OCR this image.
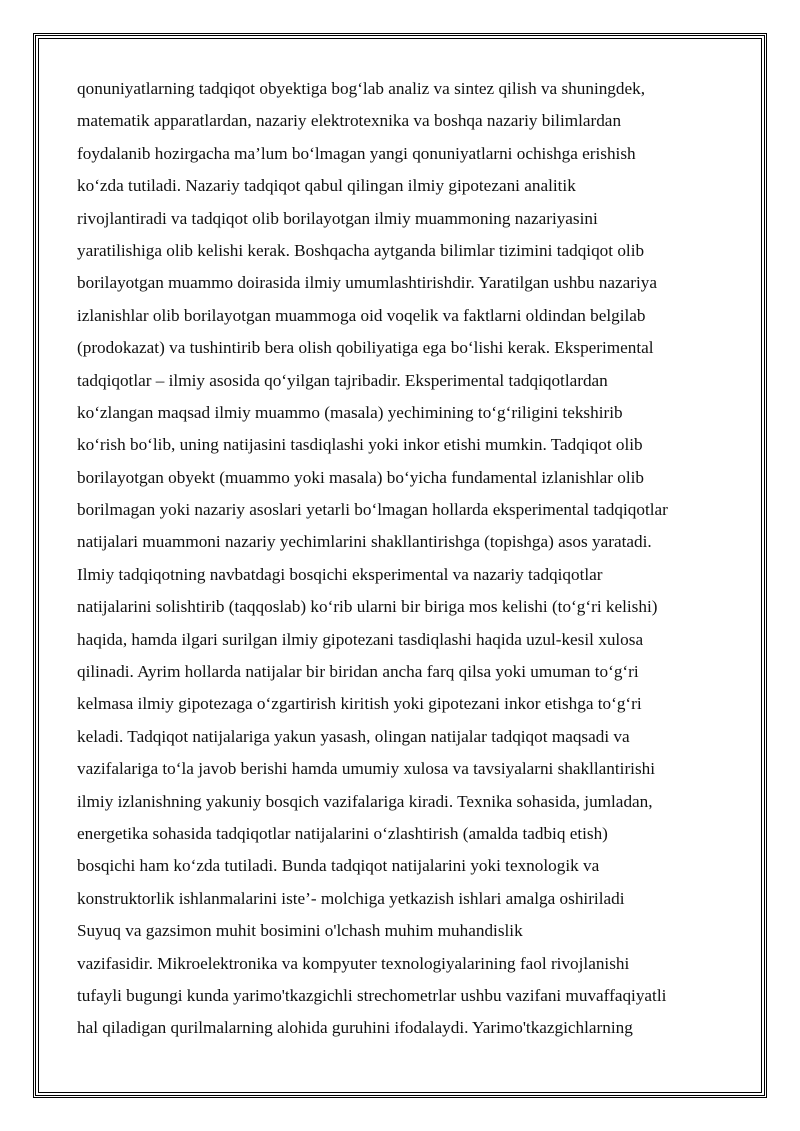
qonuniyatlarning tadqiqot obyektiga bog‘lab analiz va sintez qilish va shuningdek,
matematik apparatlardan, nazariy elektrotexnika va boshqa nazariy bilimlardan
foydalanib hozirgacha ma’lum bo‘lmagan yangi qonuniyatlarni ochishga erishish
ko‘zda tutiladi. Nazariy tadqiqot qabul qilingan ilmiy gipotezani analitik
rivojlantiradi va tadqiqot olib borilayotgan ilmiy muammoning nazariyasini
yaratilishiga olib kelishi kerak. Boshqacha aytganda bilimlar tizimini tadqiqot olib
borilayotgan muammo doirasida ilmiy umumlashtirishdir. Yaratilgan ushbu nazariya
izlanishlar olib borilayotgan muammoga oid voqelik va faktlarni oldindan belgilab
(prodokazat) va tushintirib bera olish qobiliyatiga ega bo‘lishi kerak. Eksperimental
tadqiqotlar – ilmiy asosida qo‘yilgan tajribadir. Eksperimental tadqiqotlardan
ko‘zlangan maqsad ilmiy muammo (masala) yechimining to‘g‘riligini tekshirib
ko‘rish bo‘lib, uning natijasini tasdiqlashi yoki inkor etishi mumkin. Tadqiqot olib
borilayotgan obyekt (muammo yoki masala) bo‘yicha fundamental izlanishlar olib
borilmagan yoki nazariy asoslari yetarli bo‘lmagan hollarda eksperimental tadqiqotlar
natijalari muammoni nazariy yechimlarini shakllantirishga (topishga) asos yaratadi.
Ilmiy tadqiqotning navbatdagi bosqichi eksperimental va nazariy tadqiqotlar
natijalarini solishtirib (taqqoslab) ko‘rib ularni bir biriga mos kelishi (to‘g‘ri kelishi)
haqida, hamda ilgari surilgan ilmiy gipotezani tasdiqlashi haqida uzul-kesil xulosa
qilinadi. Ayrim hollarda natijalar bir biridan ancha farq qilsa yoki umuman to‘g‘ri
kelmasa ilmiy gipotezaga o‘zgartirish kiritish yoki gipotezani inkor etishga to‘g‘ri
keladi. Tadqiqot natijalariga yakun yasash, olingan natijalar tadqiqot maqsadi va
vazifalariga to‘la javob berishi hamda umumiy xulosa va tavsiyalarni shakllantirishi
ilmiy izlanishning yakuniy bosqich vazifalariga kiradi. Texnika sohasida, jumladan,
energetika sohasida tadqiqotlar natijalarini o‘zlashtirish (amalda tadbiq etish)
bosqichi ham ko‘zda tutiladi. Bunda tadqiqot natijalarini yoki texnologik va
konstruktorlik ishlanmalarini iste’- molchiga yetkazish ishlari amalga oshiriladi
Suyuq va gazsimon muhit bosimini o'lchash muhim muhandislik
vazifasidir. Mikroelektronika va kompyuter texnologiyalarining faol rivojlanishi
tufayli bugungi kunda yarimo'tkazgichli strechometrlar ushbu vazifani muvaffaqiyatli
hal qiladigan qurilmalarning alohida guruhini ifodalaydi. Yarimo'tkazgichlarning
